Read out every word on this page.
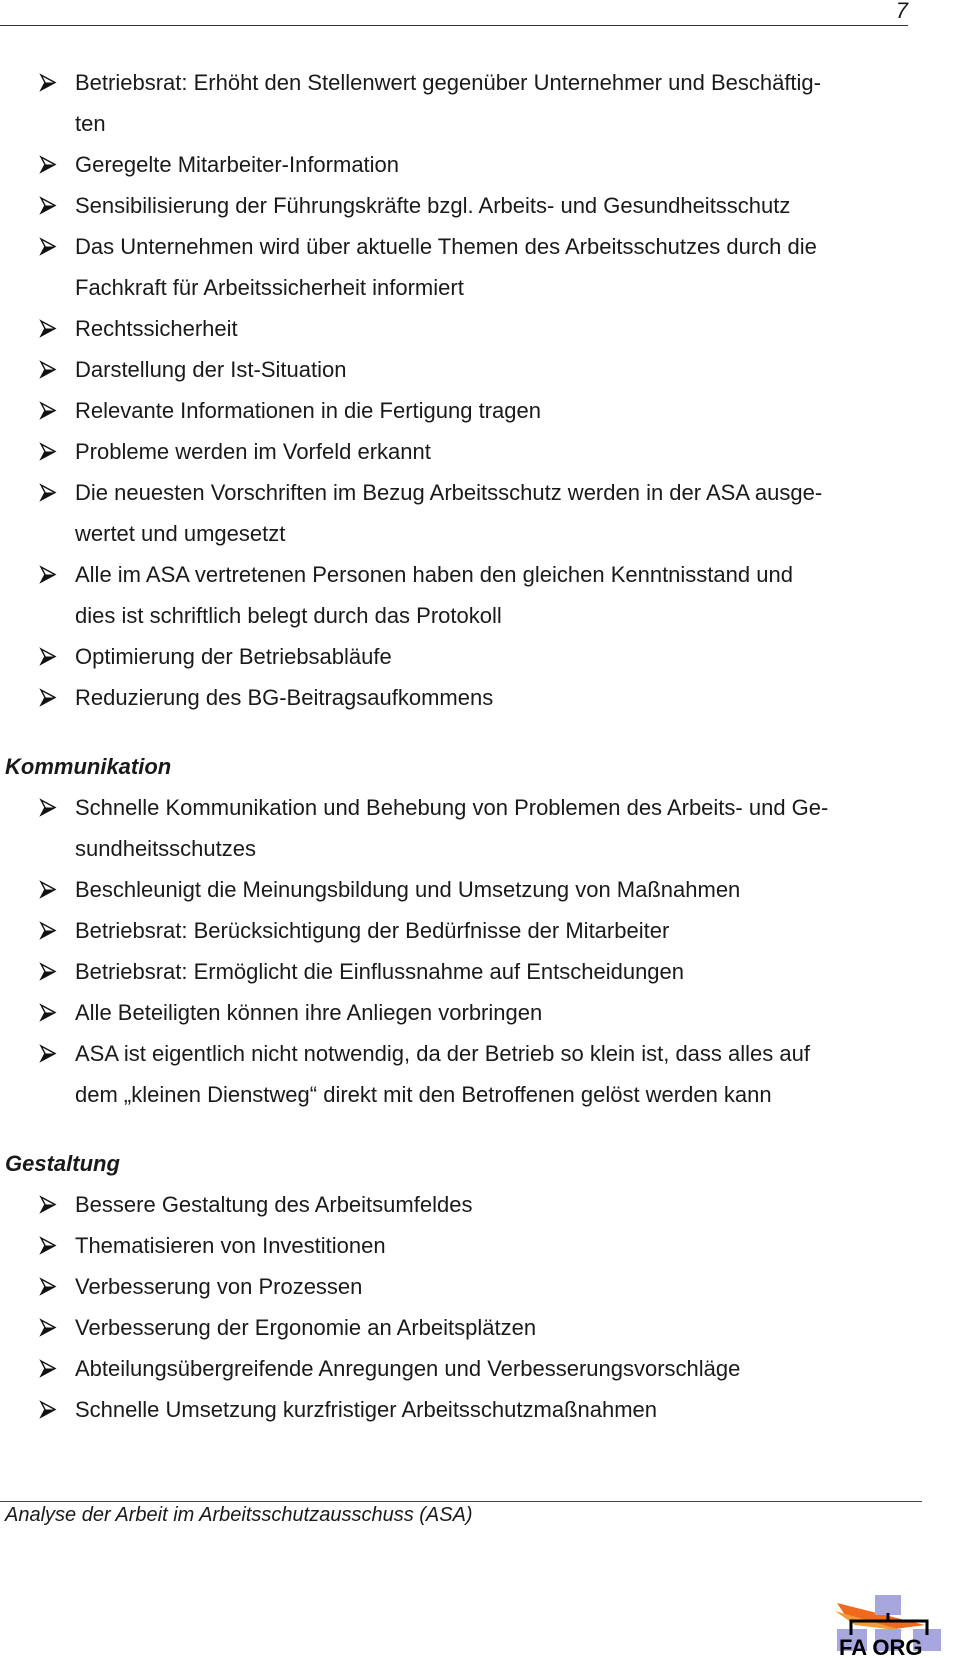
7
Betriebsrat: Erhöht den Stellenwert gegenüber Unternehmer und Beschäftig-
ten
Geregelte Mitarbeiter-Information
Sensibilisierung der Führungskräfte bzgl. Arbeits- und Gesundheitsschutz
Das Unternehmen wird über aktuelle Themen des Arbeitsschutzes durch die
Fachkraft für Arbeitssicherheit informiert
Rechtssicherheit
Darstellung der Ist-Situation
Relevante Informationen in die Fertigung tragen
Probleme werden im Vorfeld erkannt
Die neuesten Vorschriften im Bezug Arbeitsschutz werden in der ASA ausge-
wertet und umgesetzt
Alle im ASA vertretenen Personen haben den gleichen Kenntnisstand und
dies ist schriftlich belegt durch das Protokoll
Optimierung der Betriebsabläufe
Reduzierung des BG-Beitragsaufkommens
Kommunikation
Schnelle Kommunikation und Behebung von Problemen des Arbeits- und Ge-
sundheitsschutzes
Beschleunigt die Meinungsbildung und Umsetzung von Maßnahmen
Betriebsrat: Berücksichtigung der Bedürfnisse der Mitarbeiter
Betriebsrat: Ermöglicht die Einflussnahme auf Entscheidungen
Alle Beteiligten können ihre Anliegen vorbringen
ASA ist eigentlich nicht notwendig, da der Betrieb so klein ist, dass alles auf
dem „kleinen Dienstweg“ direkt mit den Betroffenen gelöst werden kann
Gestaltung
Bessere Gestaltung des Arbeitsumfeldes
Thematisieren von Investitionen
Verbesserung von Prozessen
Verbesserung der Ergonomie an Arbeitsplätzen
Abteilungsübergreifende Anregungen und Verbesserungsvorschläge
Schnelle Umsetzung kurzfristiger Arbeitsschutzmaßnahmen
Analyse der Arbeit im Arbeitsschutzausschuss (ASA)
FA ORG
